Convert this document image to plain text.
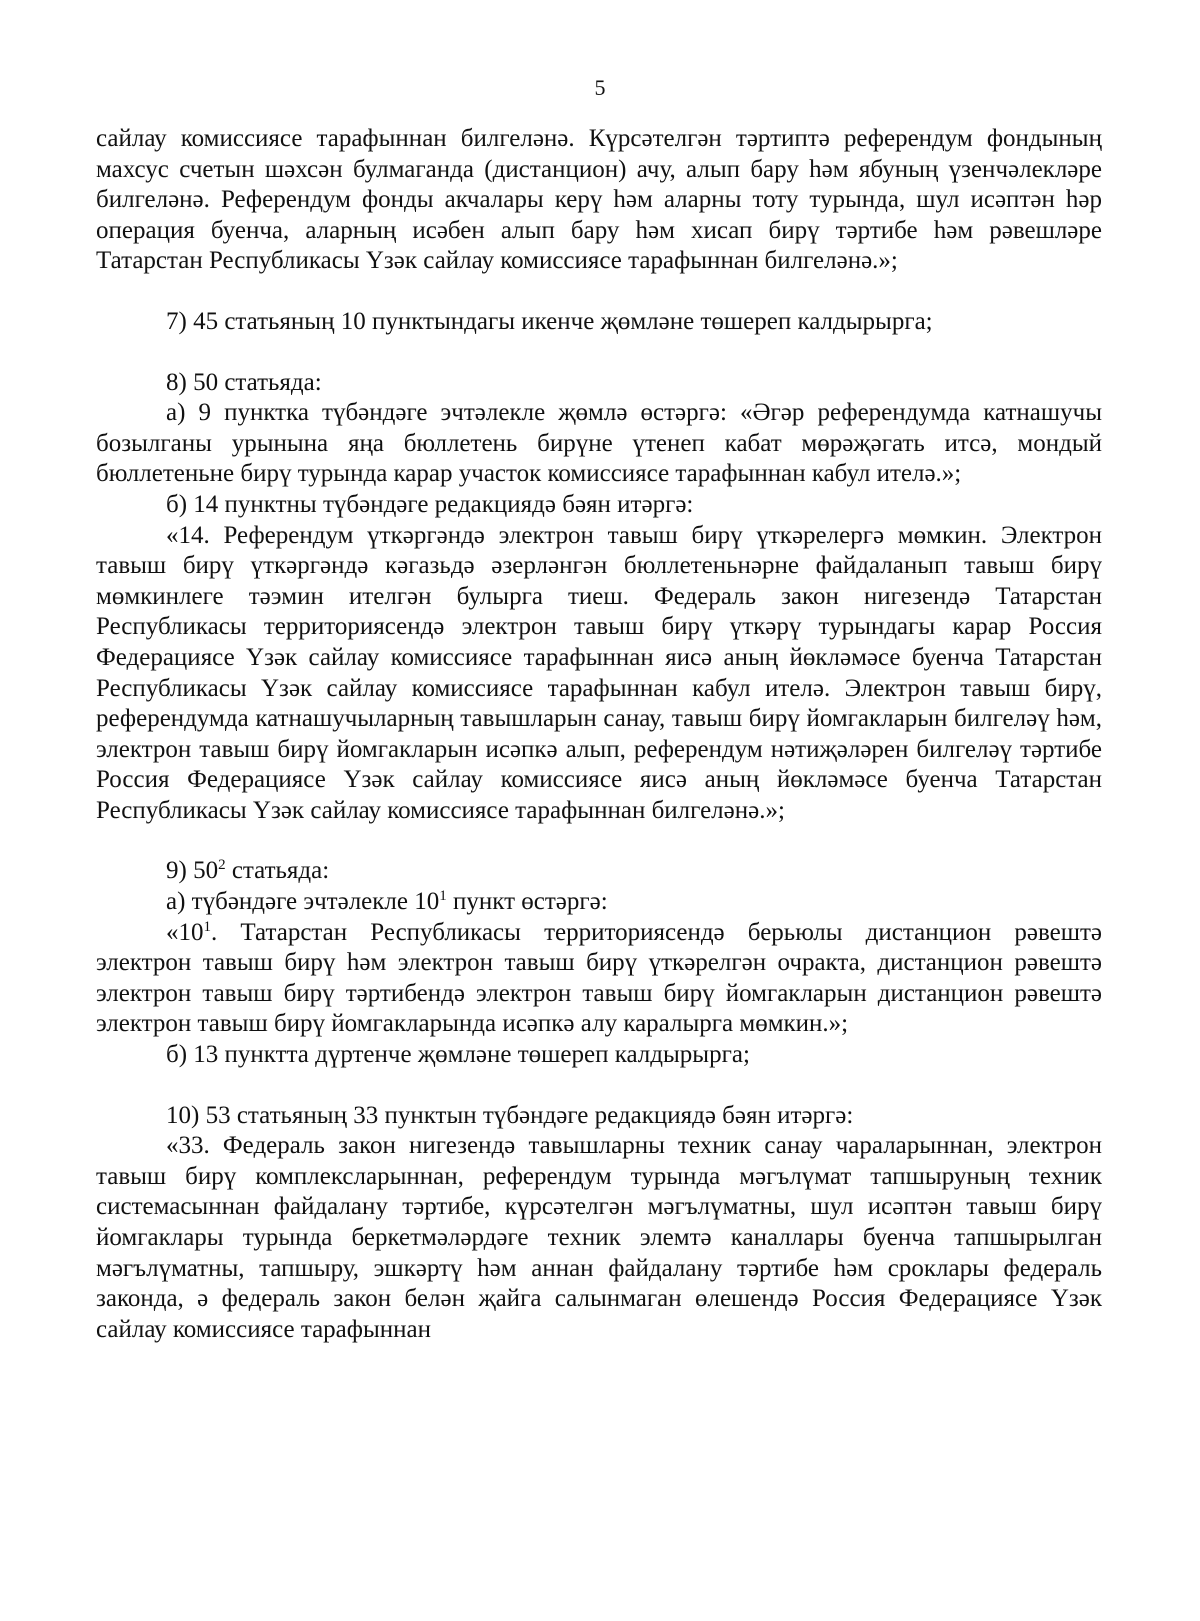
5

сайлау комиссиясе тарафыннан билгеләнә. Күрсәтелгән тәртиптә референдум фондының махсус счетын шәхсән булмаганда (дистанцион) ачу, алып бару һәм ябуның үзенчәлекләре билгеләнә. Референдум фонды акчалары керү һәм аларны тоту турында, шул исәптән һәр операция буенча, аларның исәбен алып бару һәм хисап бирү тәртибе һәм рәвешләре Татарстан Республикасы Үзәк сайлау комиссиясе тарафыннан билгеләнә.»;

7) 45 статьяның 10 пунктындагы икенче җөмләне төшереп калдырырга;

8) 50 статьяда:

а) 9 пунктка түбәндәге эчтәлекле җөмлә өстәргә: «Әгәр референдумда катнашучы бозылганы урынына яңа бюллетень бирүне үтенеп кабат мөрәҗәгать итсә, мондый бюллетеньне бирү турында карар участок комиссиясе тарафыннан кабул ителә.»;

б) 14 пунктны түбәндәге редакциядә бәян итәргә:

«14. Референдум үткәргәндә электрон тавыш бирү үткәрелергә мөмкин. Электрон тавыш бирү үткәргәндә кәгазьдә әзерләнгән бюллетеньнәрне файдаланып тавыш бирү мөмкинлеге тәэмин ителгән булырга тиеш. Федераль закон нигезендә Татарстан Республикасы территориясендә электрон тавыш бирү үткәрү турындагы карар Россия Федерациясе Үзәк сайлау комиссиясе тарафыннан яисә аның йөкләмәсе буенча Татарстан Республикасы Үзәк сайлау комиссиясе тарафыннан кабул ителә. Электрон тавыш бирү, референдумда катнашучыларның тавышларын санау, тавыш бирү йомгакларын билгеләү һәм, электрон тавыш бирү йомгакларын исәпкә алып, референдум нәтиҗәләрен билгеләү тәртибе Россия Федерациясе Үзәк сайлау комиссиясе яисә аның йөкләмәсе буенча Татарстан Республикасы Үзәк сайлау комиссиясе тарафыннан билгеләнә.»;

9) $50^2$ статьяда:

а) түбәндәге эчтәлекле $10^1$ пункт өстәргә:

«$10^1$. Татарстан Республикасы территориясендә берьюлы дистанцион рәвештә электрон тавыш бирү һәм электрон тавыш бирү үткәрелгән очракта, дистанцион рәвештә электрон тавыш бирү тәртибендә электрон тавыш бирү йомгакларын дистанцион рәвештә электрон тавыш бирү йомгакларында исәпкә алу каралырга мөмкин.»;

б) 13 пунктта дүртенче җөмләне төшереп калдырырга;

10) 53 статьяның 33 пунктын түбәндәге редакциядә бәян итәргә:

«33. Федераль закон нигезендә тавышларны техник санау чараларыннан, электрон тавыш бирү комплексларыннан, референдум турында мәгълүмат тапшыруның техник системасыннан файдалану тәртибе, күрсәтелгән мәгълүматны, шул исәптән тавыш бирү йомгаклары турында беркетмәләрдәге техник элемтә каналлары буенча тапшырылган мәгълүматны, тапшыру, эшкәртү һәм аннан файдалану тәртибе һәм сроклары федераль законда, ә федераль закон белән җайга салынмаган өлешендә Россия Федерациясе Үзәк сайлау комиссиясе тарафыннан
